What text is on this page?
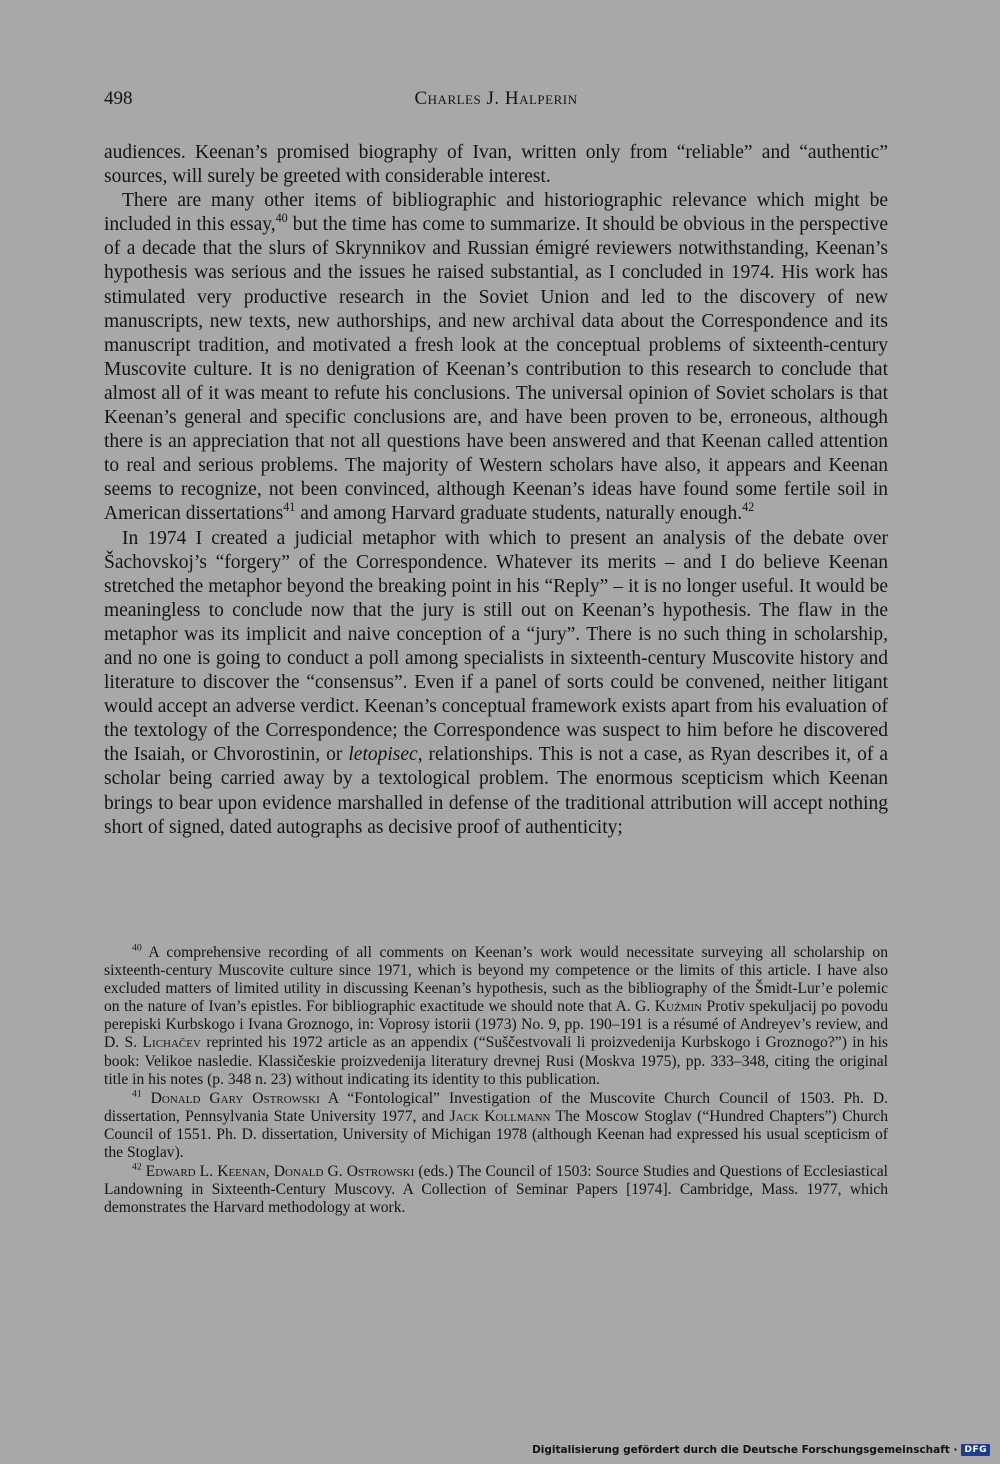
498	Charles J. Halperin

audiences. Keenan’s promised biography of Ivan, written only from “reliable” and “authentic” sources, will surely be greeted with considerable interest.

There are many other items of bibliographic and historiographic relevance which might be included in this essay,$^{40}$ but the time has come to summarize. It should be obvious in the perspective of a decade that the slurs of Skrynnikov and Russian émigré reviewers notwithstanding, Keenan’s hypothesis was serious and the issues he raised substantial, as I concluded in 1974. His work has stimulated very productive research in the Soviet Union and led to the discovery of new manuscripts, new texts, new authorships, and new archival data about the Correspondence and its manuscript tradition, and motivated a fresh look at the conceptual problems of sixteenth-century Muscovite culture. It is no denigration of Keenan’s contribution to this research to conclude that almost all of it was meant to refute his conclusions. The universal opinion of Soviet scholars is that Keenan’s general and specific conclusions are, and have been proven to be, erroneous, although there is an appreciation that not all questions have been answered and that Keenan called attention to real and serious problems. The majority of Western scholars have also, it appears and Keenan seems to recognize, not been convinced, although Keenan’s ideas have found some fertile soil in American dissertations$^{41}$ and among Harvard graduate students, naturally enough.$^{42}$

In 1974 I created a judicial metaphor with which to present an analysis of the debate over Šachovskoj’s “forgery” of the Correspondence. Whatever its merits – and I do believe Keenan stretched the metaphor beyond the breaking point in his “Reply” – it is no longer useful. It would be meaningless to conclude now that the jury is still out on Keenan’s hypothesis. The flaw in the metaphor was its implicit and naive conception of a “jury”. There is no such thing in scholarship, and no one is going to conduct a poll among specialists in sixteenth-century Muscovite history and literature to discover the “consensus”. Even if a panel of sorts could be convened, neither litigant would accept an adverse verdict. Keenan’s conceptual framework exists apart from his evaluation of the textology of the Correspondence; the Correspondence was suspect to him before he discovered the Isaiah, or Chvorostinin, or letopisec, relationships. This is not a case, as Ryan describes it, of a scholar being carried away by a textological problem. The enormous scepticism which Keenan brings to bear upon evidence marshalled in defense of the traditional attribution will accept nothing short of signed, dated autographs as decisive proof of authenticity;

$^{40}$ A comprehensive recording of all comments on Keenan’s work would necessitate surveying all scholarship on sixteenth-century Muscovite culture since 1971, which is beyond my competence or the limits of this article. I have also excluded matters of limited utility in discussing Keenan’s hypothesis, such as the bibliography of the Šmidt-Lur’e polemic on the nature of Ivan’s epistles. For bibliographic exactitude we should note that A. G. Kuźmin Protiv spekuljacij po povodu perepiski Kurbskogo i Ivana Groznogo, in: Voprosy istorii (1973) No. 9, pp. 190–191 is a résumé of Andreyev’s review, and D. S. Lichačev reprinted his 1972 article as an appendix (“Suščestvovali li proizvedenija Kurbskogo i Groznogo?”) in his book: Velikoe nasledie. Klassičeskie proizvedenija literatury drevnej Rusi (Moskva 1975), pp. 333–348, citing the original title in his notes (p. 348 n. 23) without indicating its identity to this publication.

$^{41}$ Donald Gary Ostrowski A “Fontological” Investigation of the Muscovite Church Council of 1503. Ph. D. dissertation, Pennsylvania State University 1977, and Jack Kollmann The Moscow Stoglav (“Hundred Chapters”) Church Council of 1551. Ph. D. dissertation, University of Michigan 1978 (although Keenan had expressed his usual scepticism of the Stoglav).

$^{42}$ Edward L. Keenan, Donald G. Ostrowski (eds.) The Council of 1503: Source Studies and Questions of Ecclesiastical Landowning in Sixteenth-Century Muscovy. A Collection of Seminar Papers [1974]. Cambridge, Mass. 1977, which demonstrates the Harvard methodology at work.

Digitalisierung gefördert durch die Deutsche Forschungsgemeinschaft · DFG
